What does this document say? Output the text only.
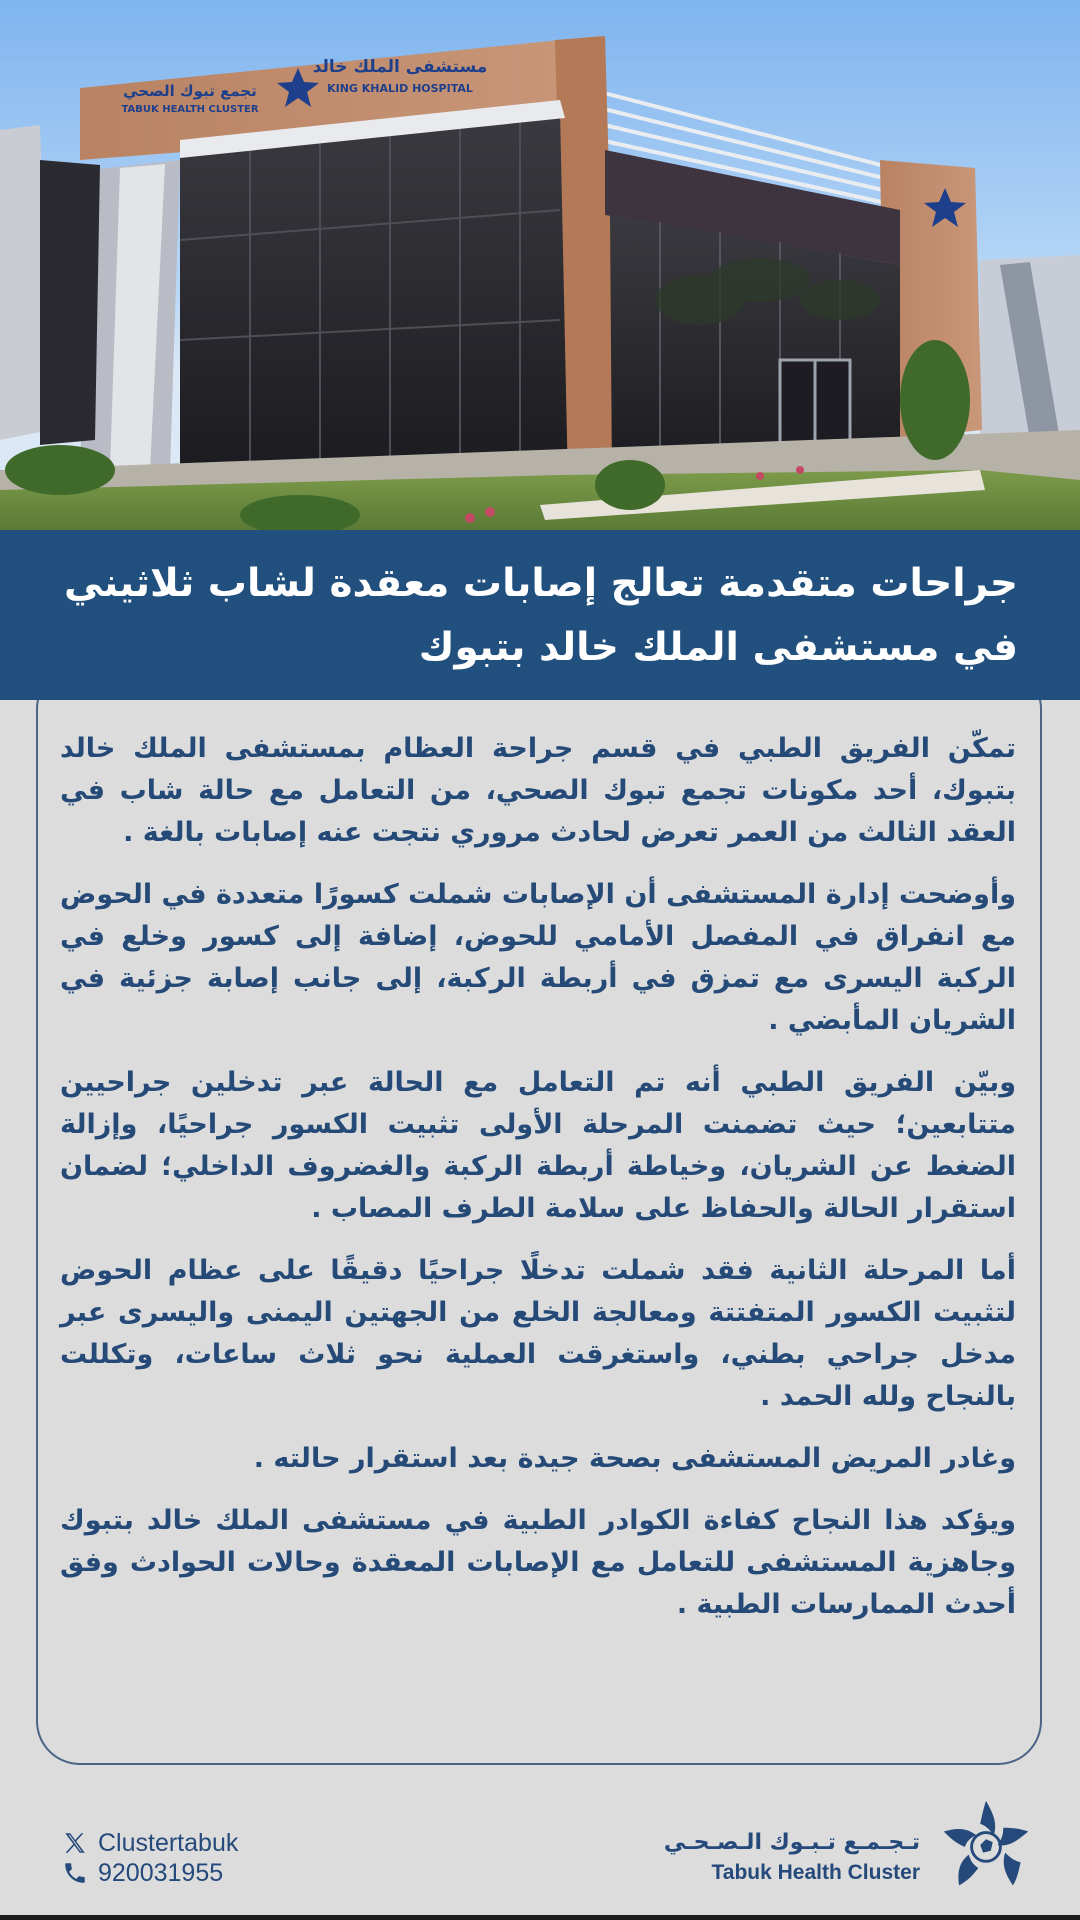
مستشفى الملك خالد
KING KHALID HOSPITAL
تجمع تبوك الصحي
TABUK HEALTH CLUSTER
جراحات متقدمة تعالج إصابات معقدة لشاب ثلاثيني
في مستشفى الملك خالد بتبوك

تمكّن الفريق الطبي في قسم جراحة العظام بمستشفى الملك خالد بتبوك، أحد مكونات تجمع تبوك الصحي، من التعامل مع حالة شاب في العقد الثالث من العمر تعرض لحادث مروري نتجت عنه إصابات بالغة .

وأوضحت إدارة المستشفى أن الإصابات شملت كسورًا متعددة في الحوض مع انفراق في المفصل الأمامي للحوض، إضافة إلى كسور وخلع في الركبة اليسرى مع تمزق في أربطة الركبة، إلى جانب إصابة جزئية في الشريان المأبضي .

وبيّن الفريق الطبي أنه تم التعامل مع الحالة عبر تدخلين جراحيين متتابعين؛ حيث تضمنت المرحلة الأولى تثبيت الكسور جراحيًا، وإزالة الضغط عن الشريان، وخياطة أربطة الركبة والغضروف الداخلي؛ لضمان استقرار الحالة والحفاظ على سلامة الطرف المصاب .

أما المرحلة الثانية فقد شملت تدخلًا جراحيًا دقيقًا على عظام الحوض لتثبيت الكسور المتفتتة ومعالجة الخلع من الجهتين اليمنى واليسرى عبر مدخل جراحي بطني، واستغرقت العملية نحو ثلاث ساعات، وتكللت بالنجاح ولله الحمد .

وغادر المريض المستشفى بصحة جيدة بعد استقرار حالته .

ويؤكد هذا النجاح كفاءة الكوادر الطبية في مستشفى الملك خالد بتبوك وجاهزية المستشفى للتعامل مع الإصابات المعقدة وحالات الحوادث وفق أحدث الممارسات الطبية .

Clustertabuk
920031955
تـجـمـع تـبـوك الـصـحـي
Tabuk Health Cluster
